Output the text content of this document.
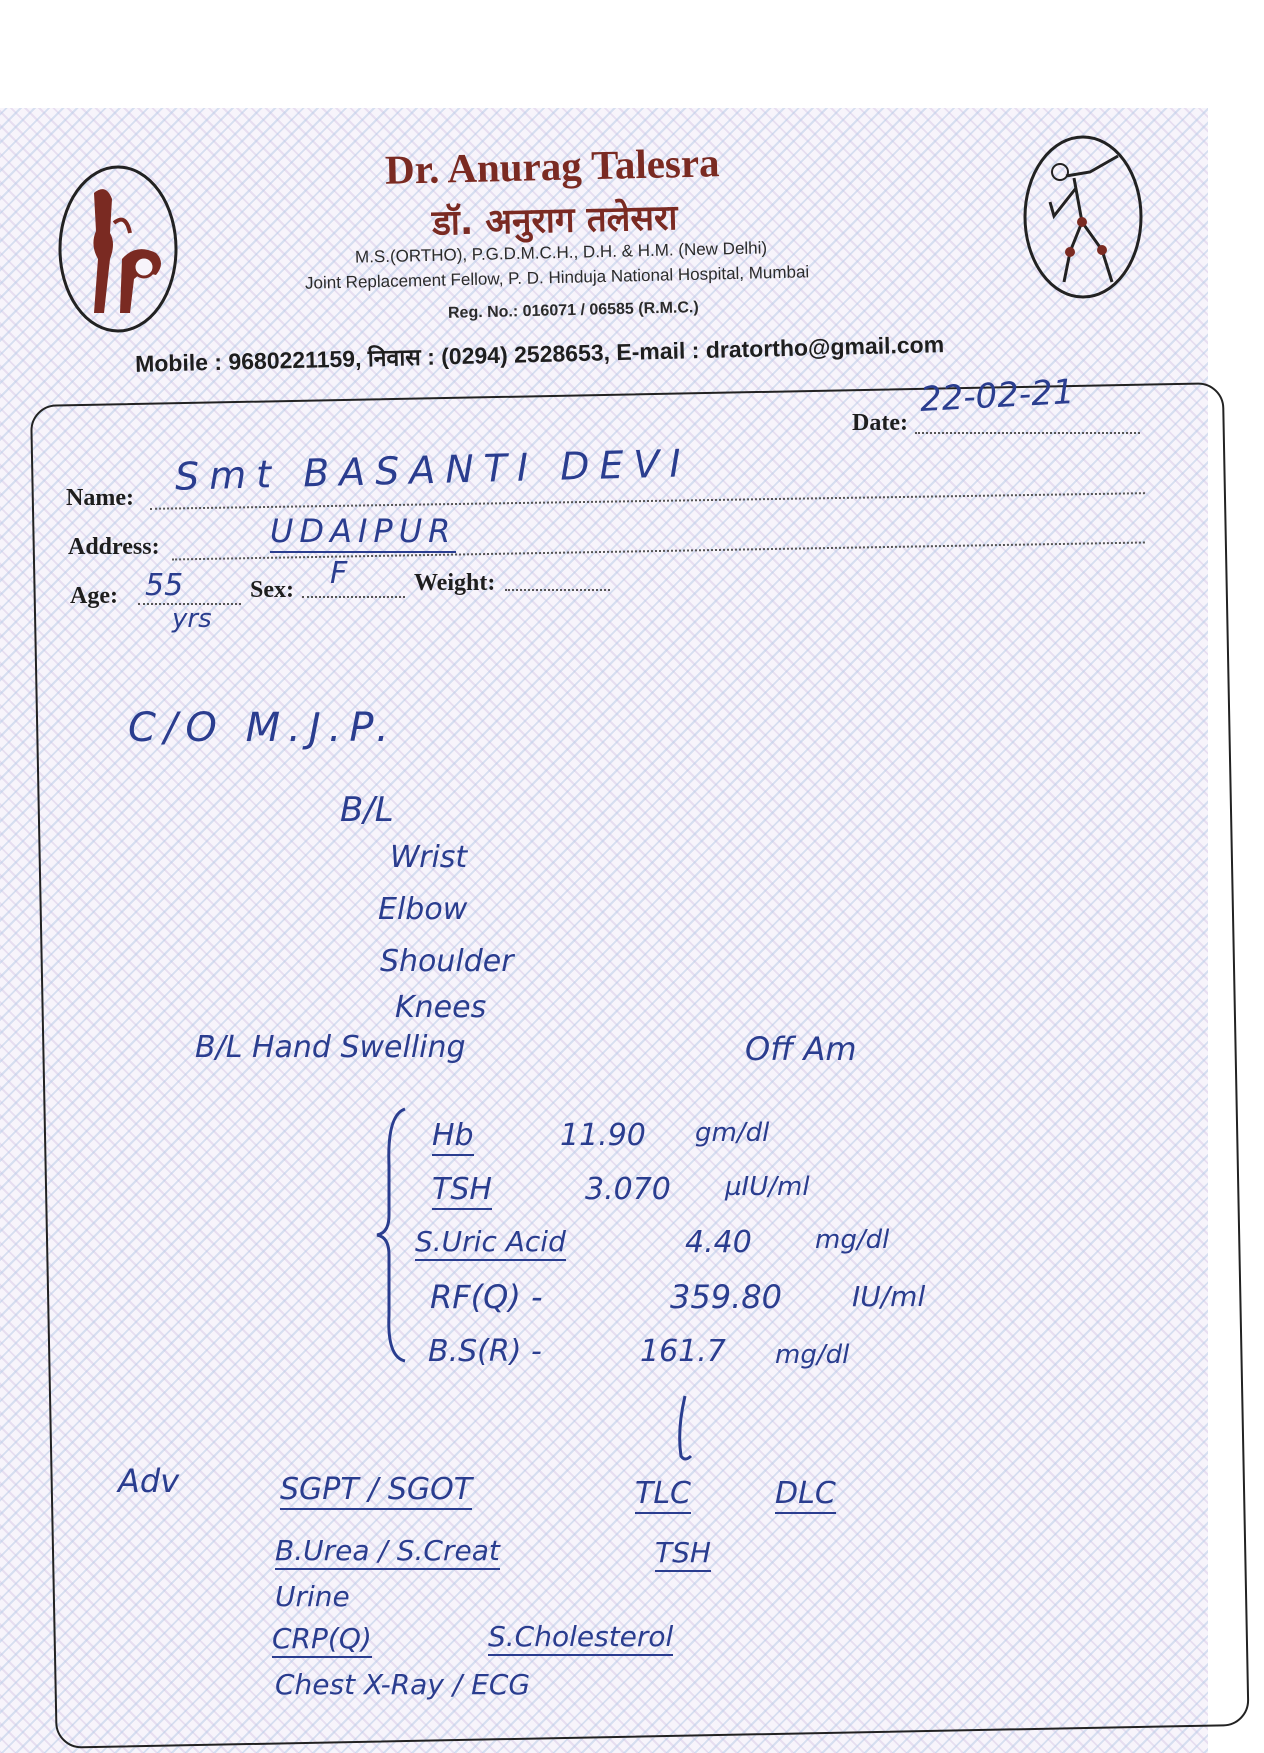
Dr. Anurag Talesra
डॉ. अनुराग तलेसरा
M.S.(ORTHO), P.G.D.M.C.H., D.H. & H.M. (New Delhi)
Joint Replacement Fellow, P. D. Hinduja National Hospital, Mumbai
Reg. No.: 016071 / 06585 (R.M.C.)
Mobile : 9680221159, निवास : (0294) 2528653, E-mail : dratortho@gmail.com
Date:
22-02-21
Name: Smt BASANTI DEVI
Address:	UDAIPUR
Age: 55
yrs
Sex: F	Weight:
C/O M.J.P.
B/L
Wrist
Elbow
Shoulder
Knees
B/L Hand Swelling	Off Am
Hb	11.90 gm/dl
TSH	3.070 µIU/ml
S.Uric Acid	4.40 mg/dl
RF(Q) -	359.80	IU/ml
B.S(R) -	161.7 mg/dl
Adv	SGPT / SGOT	TLC	DLC
B.Urea / S.Creat	TSH
Urine
CRP(Q)	S.Cholesterol
Chest X-Ray / ECG
